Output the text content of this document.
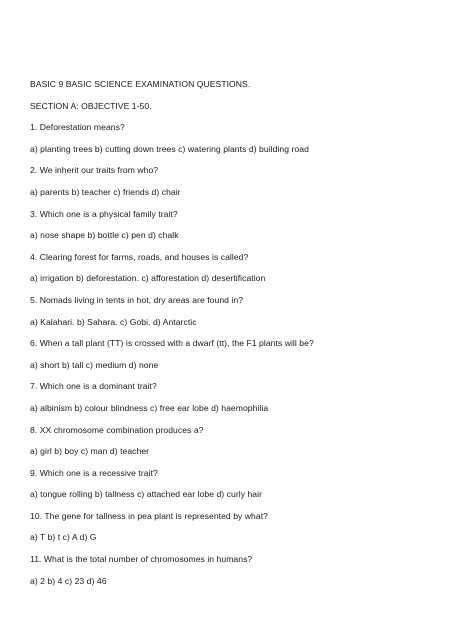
BASIC 9 BASIC SCIENCE EXAMINATION QUESTIONS.
SECTION A: OBJECTIVE 1-50.
1. Deforestation means?
a) planting trees b) cutting down trees c) watering plants d) building road
2. We inherit our traits from who?
a) parents b) teacher c) friends d) chair
3. Which one is a physical family trait?
a) nose shape b) bottle c) pen d) chalk
4. Clearing forest for farms, roads, and houses is called?
a) irrigation b) deforestation. c) afforestation d) desertification
5. Nomads living in tents in hot, dry areas are found in?
a) Kalahari. b) Sahara. c) Gobi. d) Antarctic
6. When a tall plant (TT) is crossed with a dwarf (tt), the F1 plants will be?
a) short b) tall c) medium d) none
7. Which one is a dominant trait?
a) albinism b) colour blindness c) free ear lobe d) haemophilia
8. XX chromosome combination produces a?
a) girl b) boy c) man d) teacher
9. Which one is a recessive trait?
a) tongue rolling b) tallness c) attached ear lobe d) curly hair
10. The gene for tallness in pea plant is represented by what?
a) T b) t c) A d) G
11. What is the total number of chromosomes in humans?
a) 2 b) 4 c) 23 d) 46
